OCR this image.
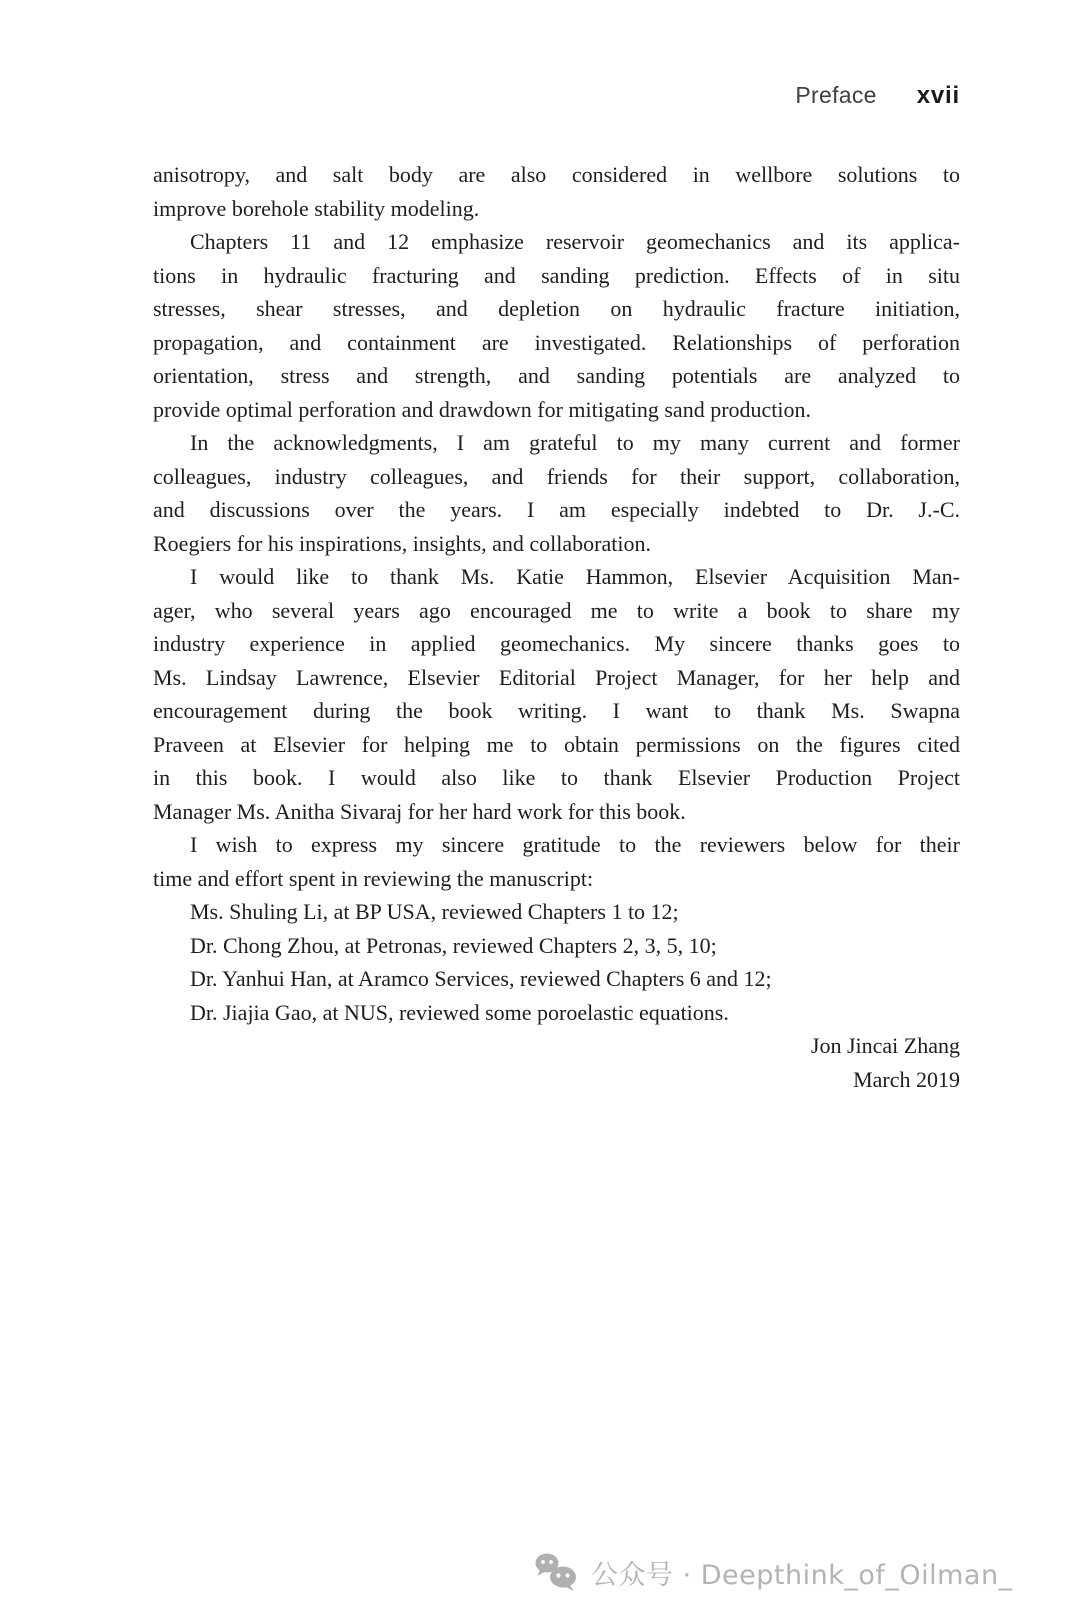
Preface xvii
anisotropy, and salt body are also considered in wellbore solutions to
improve borehole stability modeling.
Chapters 11 and 12 emphasize reservoir geomechanics and its applica-
tions in hydraulic fracturing and sanding prediction. Effects of in situ
stresses, shear stresses, and depletion on hydraulic fracture initiation,
propagation, and containment are investigated. Relationships of perforation
orientation, stress and strength, and sanding potentials are analyzed to
provide optimal perforation and drawdown for mitigating sand production.
In the acknowledgments, I am grateful to my many current and former
colleagues, industry colleagues, and friends for their support, collaboration,
and discussions over the years. I am especially indebted to Dr. J.-C.
Roegiers for his inspirations, insights, and collaboration.
I would like to thank Ms. Katie Hammon, Elsevier Acquisition Man-
ager, who several years ago encouraged me to write a book to share my
industry experience in applied geomechanics. My sincere thanks goes to
Ms. Lindsay Lawrence, Elsevier Editorial Project Manager, for her help and
encouragement during the book writing. I want to thank Ms. Swapna
Praveen at Elsevier for helping me to obtain permissions on the figures cited
in this book. I would also like to thank Elsevier Production Project
Manager Ms. Anitha Sivaraj for her hard work for this book.
I wish to express my sincere gratitude to the reviewers below for their
time and effort spent in reviewing the manuscript:
Ms. Shuling Li, at BP USA, reviewed Chapters 1 to 12;
Dr. Chong Zhou, at Petronas, reviewed Chapters 2, 3, 5, 10;
Dr. Yanhui Han, at Aramco Services, reviewed Chapters 6 and 12;
Dr. Jiajia Gao, at NUS, reviewed some poroelastic equations.
Jon Jincai Zhang
March 2019
公众号 · Deepthink_of_Oilman_
